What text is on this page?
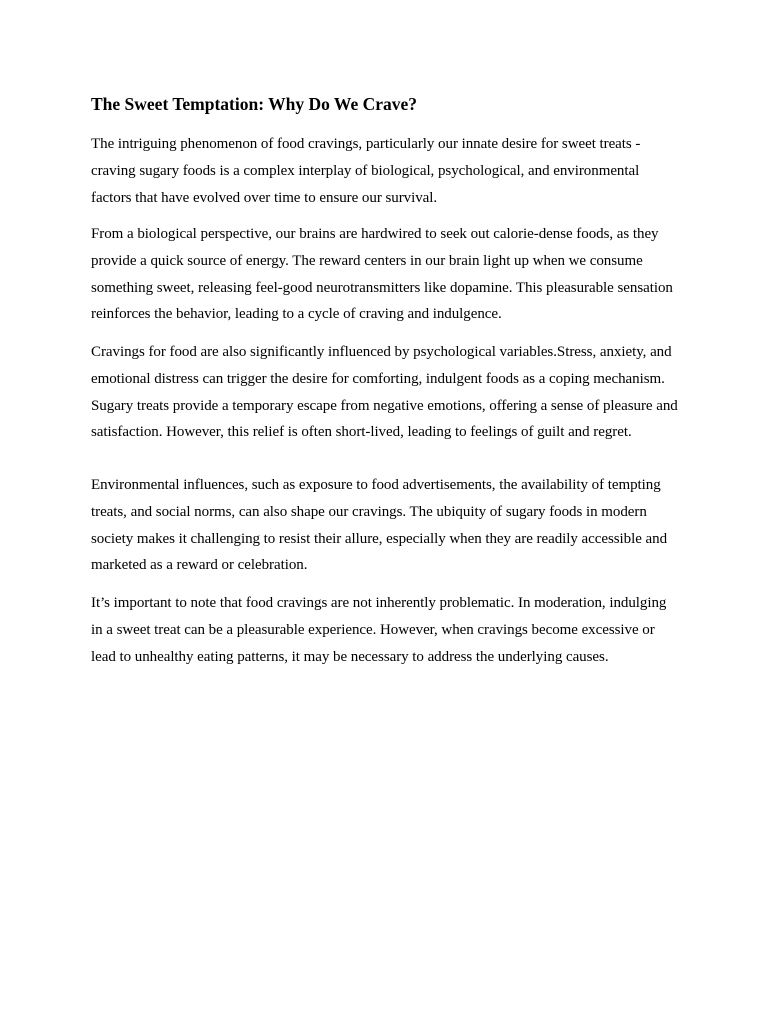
The Sweet Temptation: Why Do We Crave?

The intriguing phenomenon of food cravings, particularly our innate desire for sweet treats - craving sugary foods is a complex interplay of biological, psychological, and environmental factors that have evolved over time to ensure our survival.

From a biological perspective, our brains are hardwired to seek out calorie-dense foods, as they provide a quick source of energy. The reward centers in our brain light up when we consume something sweet, releasing feel-good neurotransmitters like dopamine. This pleasurable sensation reinforces the behavior, leading to a cycle of craving and indulgence.

Cravings for food are also significantly influenced by psychological variables.Stress, anxiety, and emotional distress can trigger the desire for comforting, indulgent foods as a coping mechanism. Sugary treats provide a temporary escape from negative emotions, offering a sense of pleasure and satisfaction. However, this relief is often short-lived, leading to feelings of guilt and regret.

Environmental influences, such as exposure to food advertisements, the availability of tempting treats, and social norms, can also shape our cravings. The ubiquity of sugary foods in modern society makes it challenging to resist their allure, especially when they are readily accessible and marketed as a reward or celebration.

It’s important to note that food cravings are not inherently problematic. In moderation, indulging in a sweet treat can be a pleasurable experience. However, when cravings become excessive or lead to unhealthy eating patterns, it may be necessary to address the underlying causes.
